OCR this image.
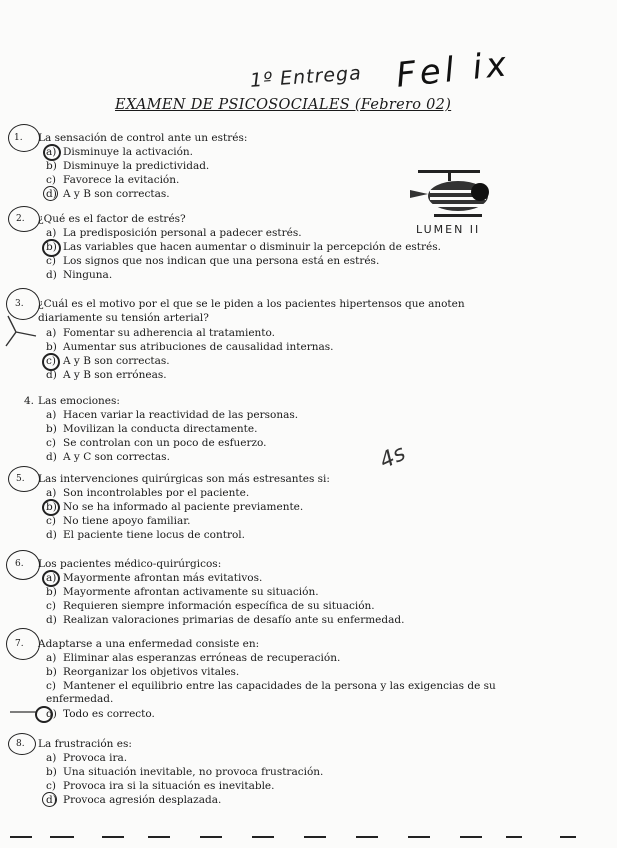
1º Entrega Fel ix
EXAMEN DE PSICOSOCIALES (Febrero 02)
LUMEN II
4s
1. La sensación de control ante un estrés:
a) Disminuye la activación.
b) Disminuye la predictividad.
c) Favorece la evitación.
d) A y B son correctas.
2. ¿Qué es el factor de estrés?
a) La predisposición personal a padecer estrés.
b) Las variables que hacen aumentar o disminuir la percepción de estrés.
c) Los signos que nos indican que una persona está en estrés.
d) Ninguna.
3. ¿Cuál es el motivo por el que se le piden a los pacientes hipertensos que anoten diariamente su tensión arterial?
a) Fomentar su adherencia al tratamiento.
b) Aumentar sus atribuciones de causalidad internas.
c) A y B son correctas.
d) A y B son erróneas.
4. Las emociones:
a) Hacen variar la reactividad de las personas.
b) Movilizan la conducta directamente.
c) Se controlan con un poco de esfuerzo.
d) A y C son correctas.
5. Las intervenciones quirúrgicas son más estresantes si:
a) Son incontrolables por el paciente.
b) No se ha informado al paciente previamente.
c) No tiene apoyo familiar.
d) El paciente tiene locus de control.
6. Los pacientes médico-quirúrgicos:
a) Mayormente afrontan más evitativos.
b) Mayormente afrontan activamente su situación.
c) Requieren siempre información específica de su situación.
d) Realizan valoraciones primarias de desafío ante su enfermedad.
7. Adaptarse a una enfermedad consiste en:
a) Eliminar alas esperanzas erróneas de recuperación.
b) Reorganizar los objetivos vitales.
c) Mantener el equilibrio entre las capacidades de la persona y las exigencias de su enfermedad.
d) Todo es correcto.
8. La frustración es:
a) Provoca ira.
b) Una situación inevitable, no provoca frustración.
c) Provoca ira si la situación es inevitable.
d) Provoca agresión desplazada.
